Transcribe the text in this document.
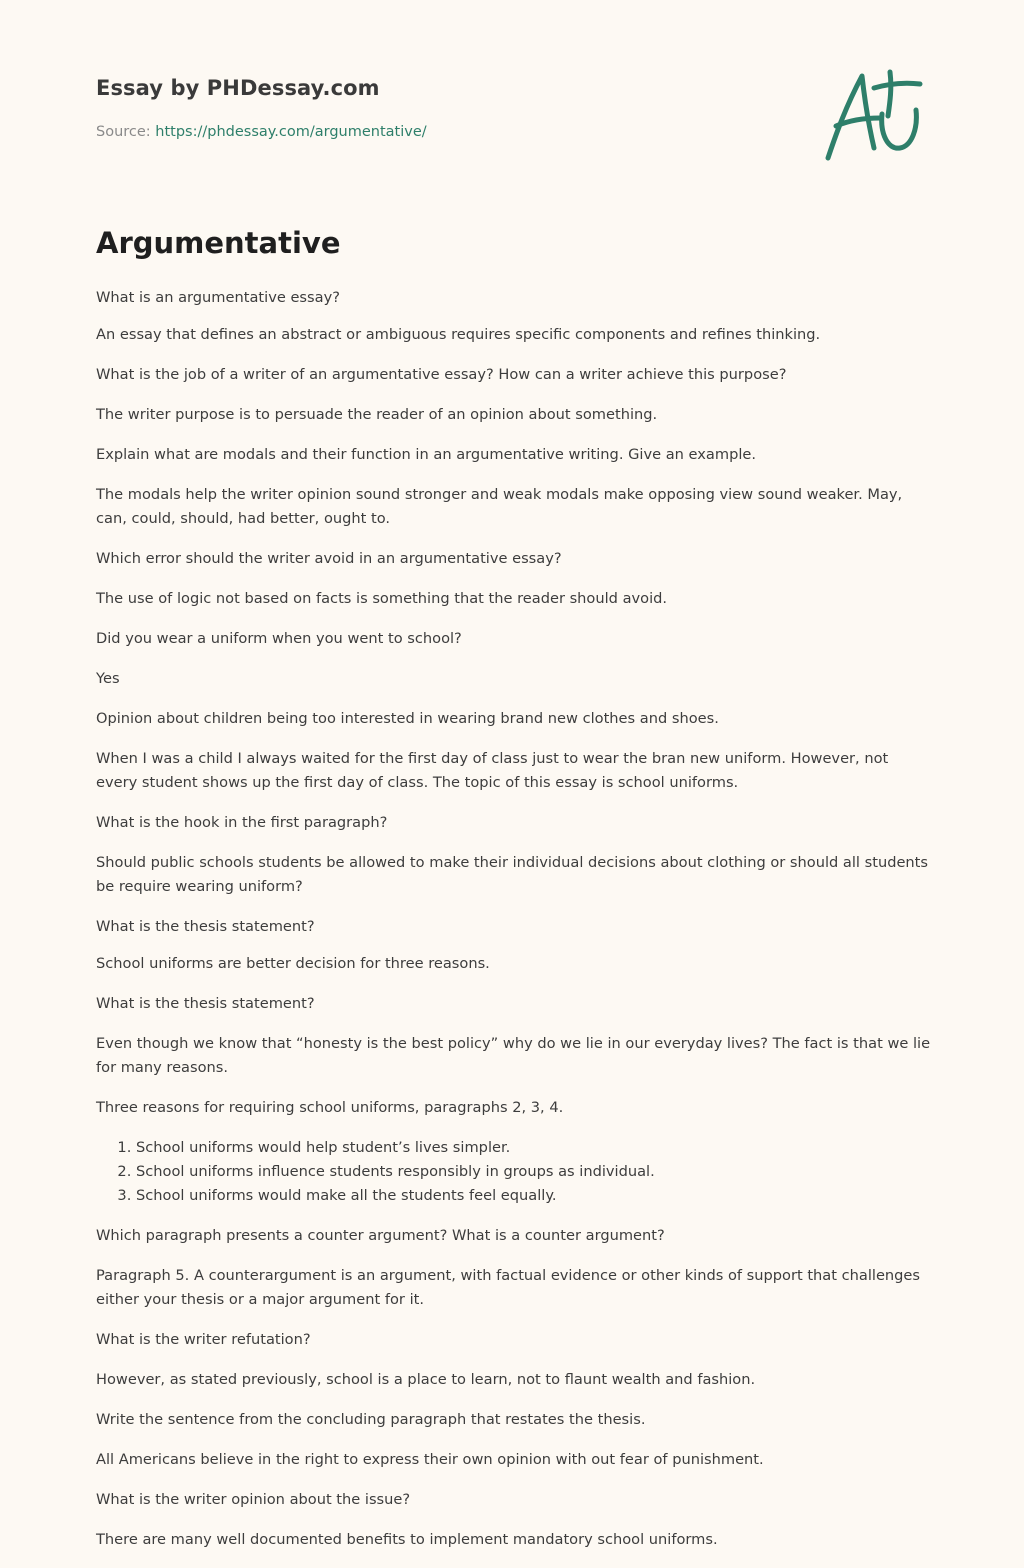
Essay by PHDessay.com
Source: https://phdessay.com/argumentative/
Argumentative

What is an argumentative essay?

An essay that defines an abstract or ambiguous requires specific components and refines thinking.

What is the job of a writer of an argumentative essay? How can a writer achieve this purpose?

The writer purpose is to persuade the reader of an opinion about something.

Explain what are modals and their function in an argumentative writing. Give an example.

The modals help the writer opinion sound stronger and weak modals make opposing view sound weaker. May, can, could, should, had better, ought to.

Which error should the writer avoid in an argumentative essay?

The use of logic not based on facts is something that the reader should avoid.

Did you wear a uniform when you went to school?

Yes

Opinion about children being too interested in wearing brand new clothes and shoes.

When I was a child I always waited for the first day of class just to wear the bran new uniform. However, not every student shows up the first day of class. The topic of this essay is school uniforms.

What is the hook in the first paragraph?

Should public schools students be allowed to make their individual decisions about clothing or should all students be require wearing uniform?

What is the thesis statement?

School uniforms are better decision for three reasons.

What is the thesis statement?

Even though we know that “honesty is the best policy” why do we lie in our everyday lives? The fact is that we lie for many reasons.

Three reasons for requiring school uniforms, paragraphs 2, 3, 4.

1. School uniforms would help student’s lives simpler.
2. School uniforms influence students responsibly in groups as individual.
3. School uniforms would make all the students feel equally.

Which paragraph presents a counter argument? What is a counter argument?

Paragraph 5. A counterargument is an argument, with factual evidence or other kinds of support that challenges either your thesis or a major argument for it.

What is the writer refutation?

However, as stated previously, school is a place to learn, not to flaunt wealth and fashion.

Write the sentence from the concluding paragraph that restates the thesis.

All Americans believe in the right to express their own opinion with out fear of punishment.

What is the writer opinion about the issue?

There are many well documented benefits to implement mandatory school uniforms.
